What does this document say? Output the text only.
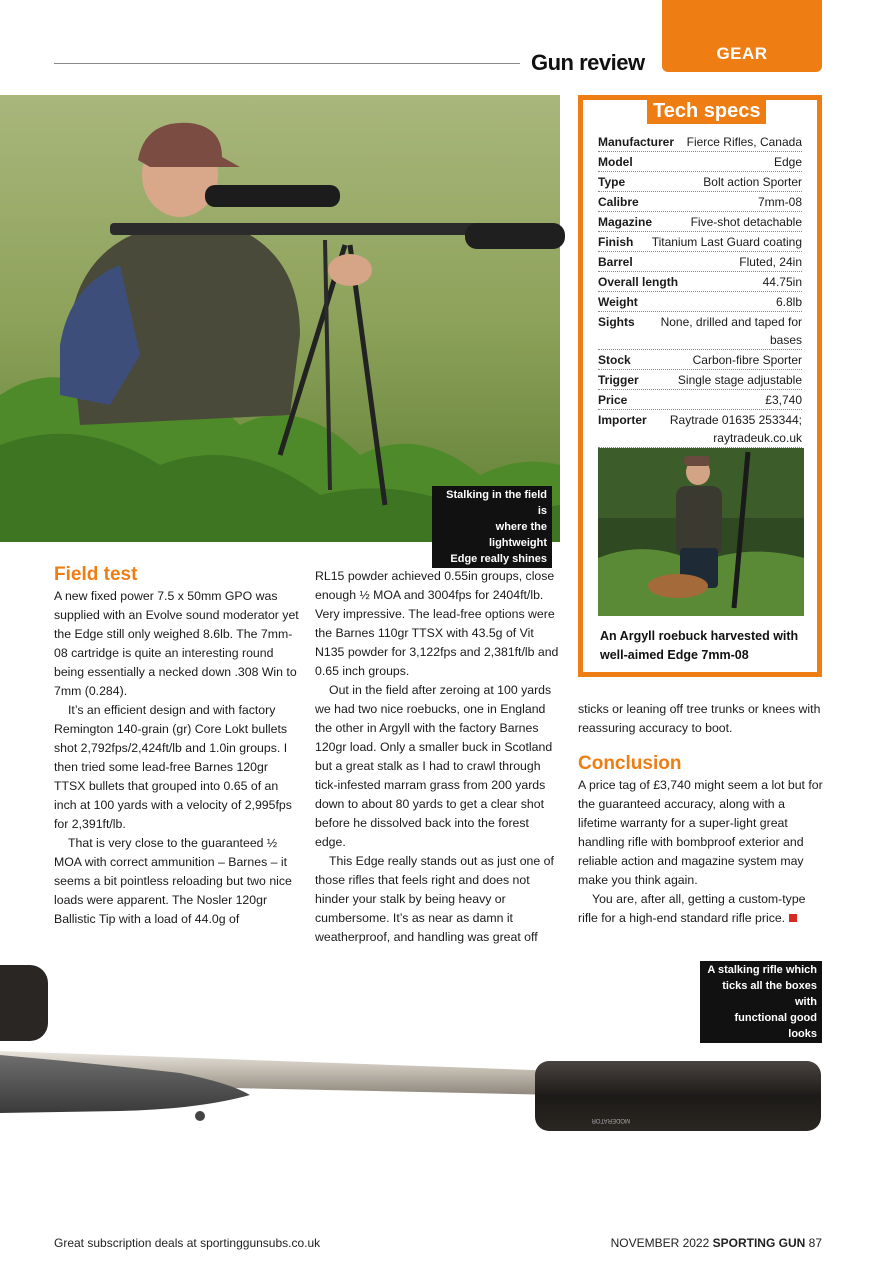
GEAR
Gun review
Stalking in the field is
where the lightweight
Edge really shines
Tech specs
Manufacturer Fierce Rifles, Canada
Model	Edge
Type	Bolt action Sporter
Calibre	7mm-08
Magazine	Five-shot detachable
Finish Titanium Last Guard coating
Barrel	Fluted, 24in
Overall length	44.75in
Weight	6.8lb
Sights	None, drilled and taped for bases
Stock	Carbon-fibre Sporter
Trigger	Single stage adjustable
Price	£3,740
Importer	Raytrade 01635 253344; raytradeuk.co.uk
An Argyll roebuck harvested with well-aimed Edge 7mm-08
Field test

A new fixed power 7.5 x 50mm GPO was supplied with an Evolve sound moderator yet the Edge still only weighed 8.6lb. The 7mm-08 cartridge is quite an interesting round being essentially a necked down .308 Win to 7mm (0.284).

It’s an efficient design and with factory Remington 140-grain (gr) Core Lokt bullets shot 2,792fps/2,424ft/lb and 1.0in groups. I then tried some lead-free Barnes 120gr TTSX bullets that grouped into 0.65 of an inch at 100 yards with a velocity of 2,995fps for 2,391ft/lb.

That is very close to the guaranteed ½ MOA with correct ammunition – Barnes – it seems a bit pointless reloading but two nice loads were apparent. The Nosler 120gr Ballistic Tip with a load of 44.0g of

RL15 powder achieved 0.55in groups, close enough ½ MOA and 3004fps for 2404ft/lb. Very impressive. The lead-free options were the Barnes 110gr TTSX with 43.5g of Vit N135 powder for 3,122fps and 2,381ft/lb and 0.65 inch groups.

Out in the field after zeroing at 100 yards we had two nice roebucks, one in England the other in Argyll with the factory Barnes 120gr load. Only a smaller buck in Scotland but a great stalk as I had to crawl through tick-infested marram grass from 200 yards down to about 80 yards to get a clear shot before he dissolved back into the forest edge.

This Edge really stands out as just one of those rifles that feels right and does not hinder your stalk by being heavy or cumbersome. It’s as near as damn it weatherproof, and handling was great off

sticks or leaning off tree trunks or knees with reassuring accuracy to boot.

Conclusion

A price tag of £3,740 might seem a lot but for the guaranteed accuracy, along with a lifetime warranty for a super-light great handling rifle with bombproof exterior and reliable action and magazine system may make you think again.

You are, after all, getting a custom-type rifle for a high-end standard rifle price.

MODERATOR
A stalking rifle which
ticks all the boxes with
functional good looks
Great subscription deals at sportinggunsubs.co.uk	NOVEMBER 2022 SPORTING GUN 87
